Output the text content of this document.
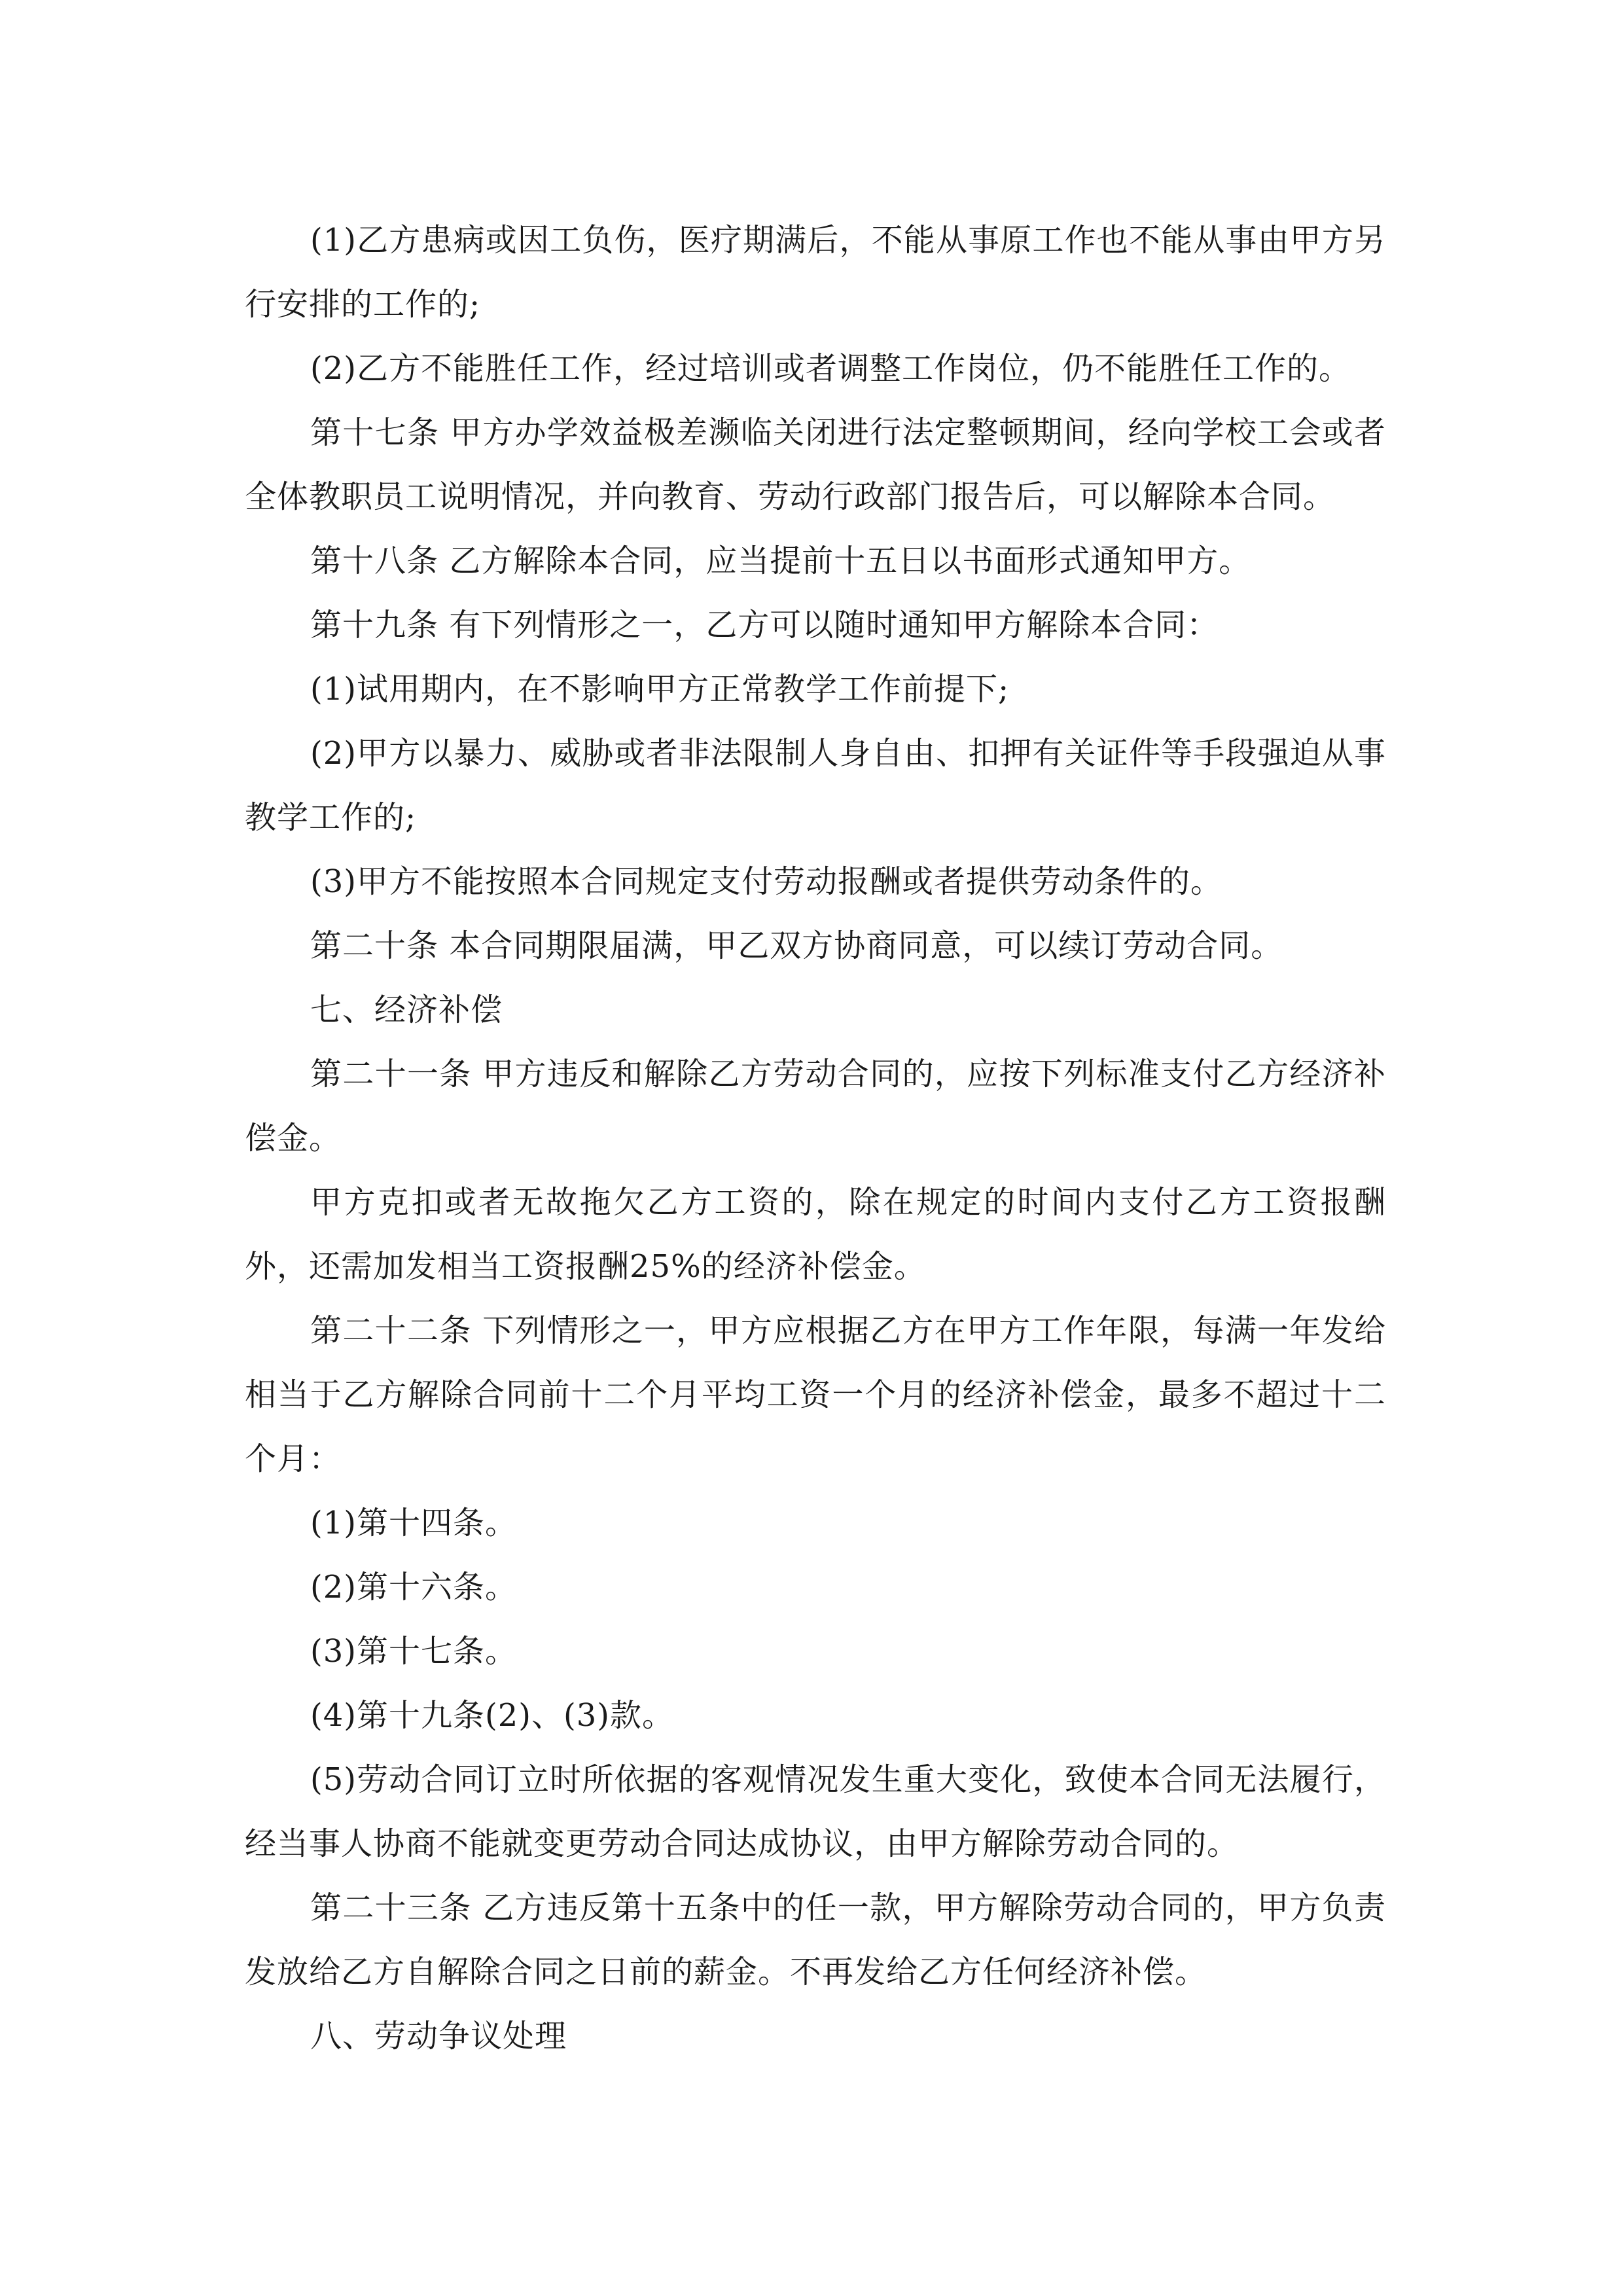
(1)乙方患病或因工负伤，医疗期满后，不能从事原工作也不能从事由甲方另行安排的工作的;

(2)乙方不能胜任工作，经过培训或者调整工作岗位，仍不能胜任工作的。

第十七条 甲方办学效益极差濒临关闭进行法定整顿期间，经向学校工会或者全体教职员工说明情况，并向教育、劳动行政部门报告后，可以解除本合同。

第十八条 乙方解除本合同，应当提前十五日以书面形式通知甲方。

第十九条 有下列情形之一，乙方可以随时通知甲方解除本合同：

(1)试用期内，在不影响甲方正常教学工作前提下;

(2)甲方以暴力、威胁或者非法限制人身自由、扣押有关证件等手段强迫从事教学工作的;

(3)甲方不能按照本合同规定支付劳动报酬或者提供劳动条件的。

第二十条 本合同期限届满，甲乙双方协商同意，可以续订劳动合同。

七、经济补偿

第二十一条 甲方违反和解除乙方劳动合同的，应按下列标准支付乙方经济补偿金。

甲方克扣或者无故拖欠乙方工资的，除在规定的时间内支付乙方工资报酬外，还需加发相当工资报酬25%的经济补偿金。

第二十二条 下列情形之一，甲方应根据乙方在甲方工作年限，每满一年发给相当于乙方解除合同前十二个月平均工资一个月的经济补偿金，最多不超过十二个月：

(1)第十四条。

(2)第十六条。

(3)第十七条。

(4)第十九条(2)、(3)款。

(5)劳动合同订立时所依据的客观情况发生重大变化，致使本合同无法履行，经当事人协商不能就变更劳动合同达成协议，由甲方解除劳动合同的。

第二十三条 乙方违反第十五条中的任一款，甲方解除劳动合同的，甲方负责发放给乙方自解除合同之日前的薪金。不再发给乙方任何经济补偿。

八、劳动争议处理
